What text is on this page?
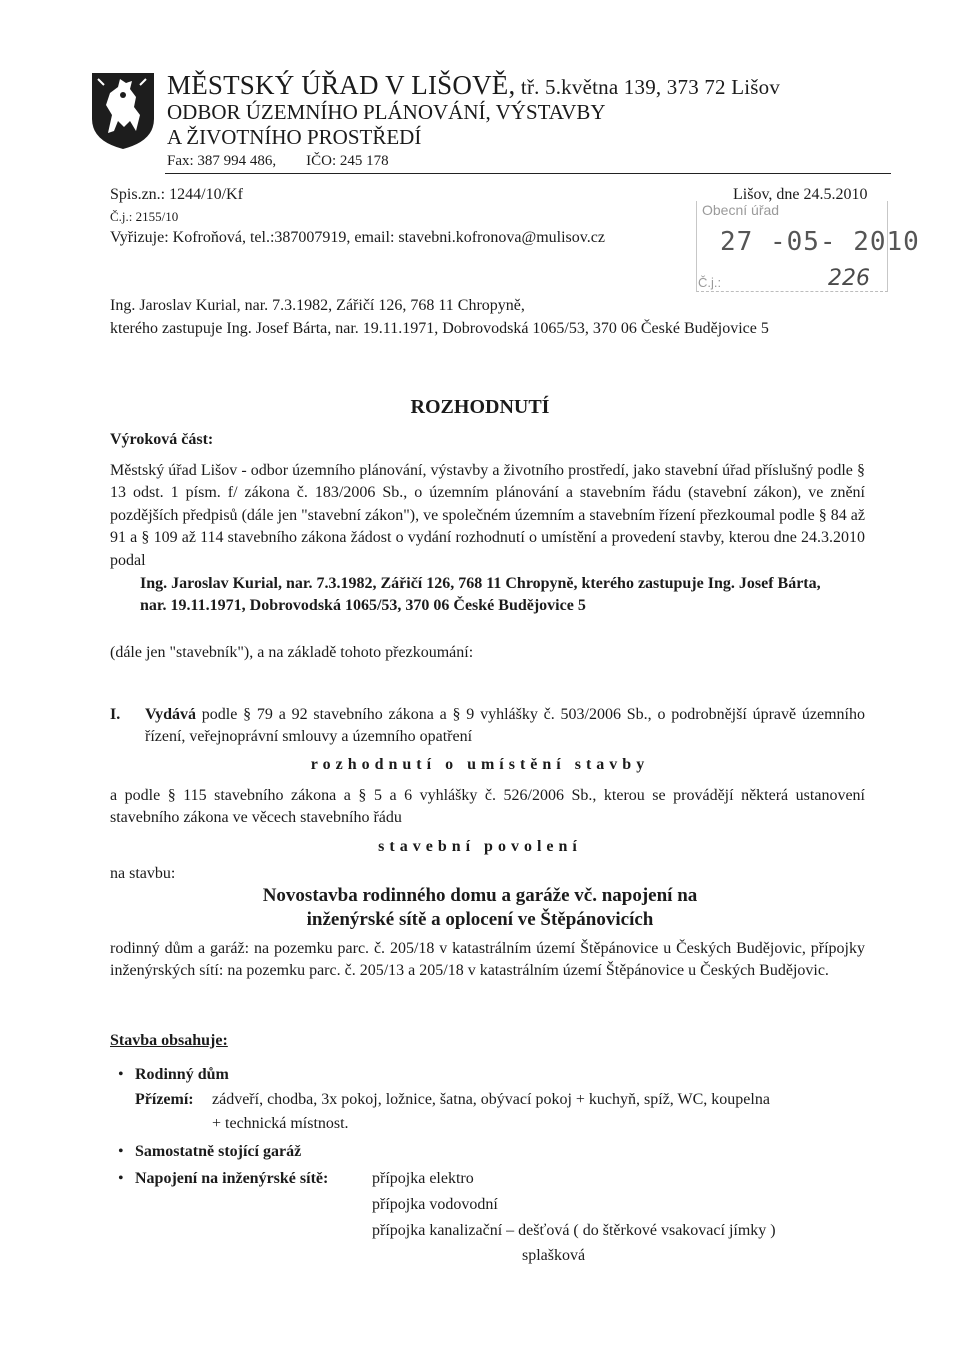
MĚSTSKÝ ÚŘAD V LIŠOVĚ, tř. 5.května 139, 373 72 Lišov
ODBOR ÚZEMNÍHO PLÁNOVÁNÍ, VÝSTAVBY
A ŽIVOTNÍHO PROSTŘEDÍ
Fax: 387 994 486, IČO: 245 178
Spis.zn.: 1244/10/Kf
Č.j.: 2155/10
Vyřizuje: Kofroňová, tel.:387007919, email: stavebni.kofronova@mulisov.cz
Obecní úřad
27 -05- 2010
Č.j.:	226
Lišov, dne 24.5.2010
Ing. Jaroslav Kurial, nar. 7.3.1982, Zářičí 126, 768 11 Chropyně,
kterého zastupuje Ing. Josef Bárta, nar. 19.11.1971, Dobrovodská 1065/53, 370 06 České Budějovice 5
ROZHODNUTÍ
Výroková část:
Městský úřad Lišov - odbor územního plánování, výstavby a životního prostředí, jako stavební úřad příslušný podle § 13 odst. 1 písm. f/ zákona č. 183/2006 Sb., o územním plánování a stavebním řádu (stavební zákon), ve znění pozdějších předpisů (dále jen "stavební zákon"), ve společném územním a stavebním řízení přezkoumal podle § 84 až 91 a § 109 až 114 stavebního zákona žádost o vydání rozhodnutí o umístění a provedení stavby, kterou dne 24.3.2010 podal
Ing. Jaroslav Kurial, nar. 7.3.1982, Zářičí 126, 768 11 Chropyně, kterého zastupuje Ing. Josef Bárta, nar. 19.11.1971, Dobrovodská 1065/53, 370 06 České Budějovice 5
(dále jen "stavebník"), a na základě tohoto přezkoumání:
I. Vydává podle § 79 a 92 stavebního zákona a § 9 vyhlášky č. 503/2006 Sb., o podrobnější úpravě územního řízení, veřejnoprávní smlouvy a územního opatření
rozhodnutí o umístění stavby
a podle § 115 stavebního zákona a § 5 a 6 vyhlášky č. 526/2006 Sb., kterou se provádějí některá ustanovení stavebního zákona ve věcech stavebního řádu
stavební povolení
na stavbu:
Novostavba rodinného domu a garáže vč. napojení na inženýrské sítě a oplocení ve Štěpánovicích
rodinný dům a garáž: na pozemku parc. č. 205/18 v katastrálním území Štěpánovice u Českých Budějovic, přípojky inženýrských sítí: na pozemku parc. č. 205/13 a 205/18 v katastrálním území Štěpánovice u Českých Budějovic.
Stavba obsahuje:
• Rodinný dům
Přízemí: zádveří, chodba, 3x pokoj, ložnice, šatna, obývací pokoj + kuchyň, spíž, WC, koupelna
+ technická místnost.
• Samostatně stojící garáž
• Napojení na inženýrské sítě:	přípojka elektro
přípojka vodovodní
přípojka kanalizační – dešťová ( do štěrkové vsakovací jímky )
splašková
